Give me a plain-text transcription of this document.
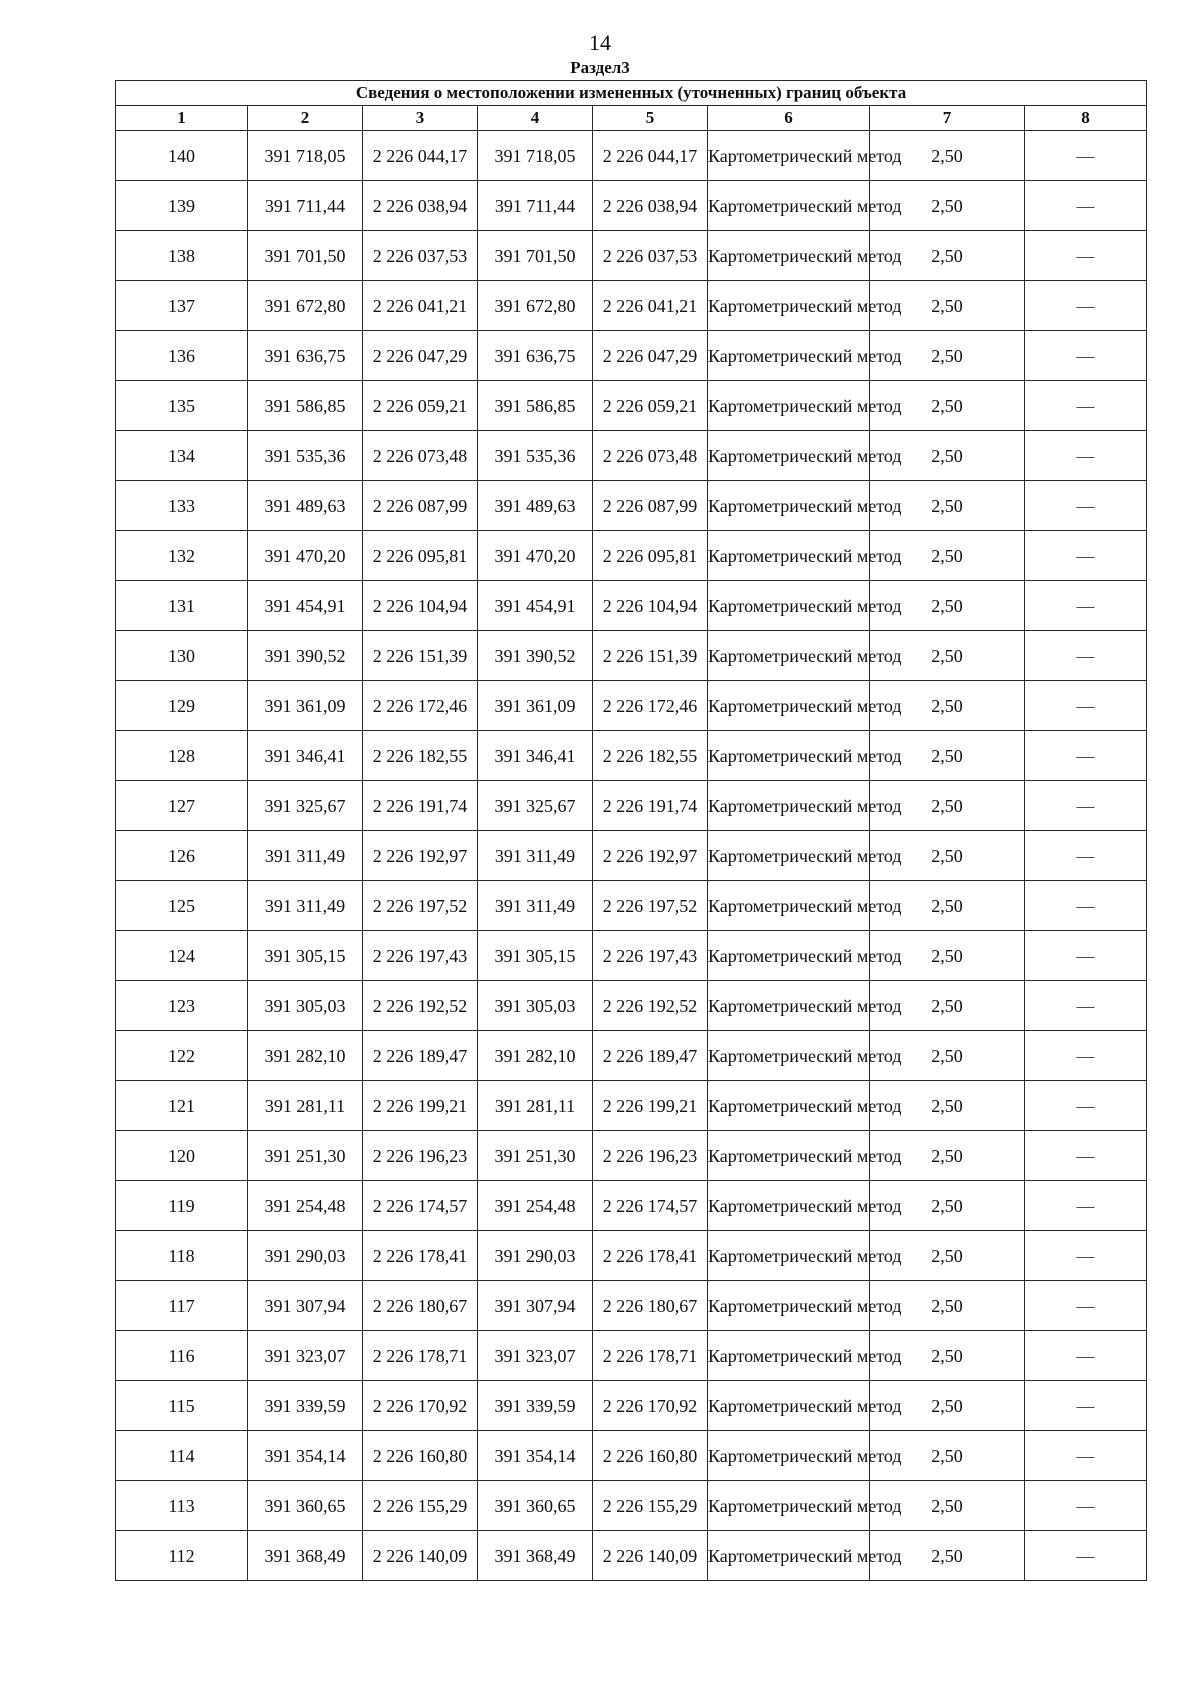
14
Раздел3
Сведения о местоположении измененных (уточненных) границ объекта							
1	2	3	4	5	6	7	8
140	391 718,05	2 226 044,17	391 718,05	2 226 044,17	Картометрический метод	2,50	—
139	391 711,44	2 226 038,94	391 711,44	2 226 038,94	Картометрический метод	2,50	—
138	391 701,50	2 226 037,53	391 701,50	2 226 037,53	Картометрический метод	2,50	—
137	391 672,80	2 226 041,21	391 672,80	2 226 041,21	Картометрический метод	2,50	—
136	391 636,75	2 226 047,29	391 636,75	2 226 047,29	Картометрический метод	2,50	—
135	391 586,85	2 226 059,21	391 586,85	2 226 059,21	Картометрический метод	2,50	—
134	391 535,36	2 226 073,48	391 535,36	2 226 073,48	Картометрический метод	2,50	—
133	391 489,63	2 226 087,99	391 489,63	2 226 087,99	Картометрический метод	2,50	—
132	391 470,20	2 226 095,81	391 470,20	2 226 095,81	Картометрический метод	2,50	—
131	391 454,91	2 226 104,94	391 454,91	2 226 104,94	Картометрический метод	2,50	—
130	391 390,52	2 226 151,39	391 390,52	2 226 151,39	Картометрический метод	2,50	—
129	391 361,09	2 226 172,46	391 361,09	2 226 172,46	Картометрический метод	2,50	—
128	391 346,41	2 226 182,55	391 346,41	2 226 182,55	Картометрический метод	2,50	—
127	391 325,67	2 226 191,74	391 325,67	2 226 191,74	Картометрический метод	2,50	—
126	391 311,49	2 226 192,97	391 311,49	2 226 192,97	Картометрический метод	2,50	—
125	391 311,49	2 226 197,52	391 311,49	2 226 197,52	Картометрический метод	2,50	—
124	391 305,15	2 226 197,43	391 305,15	2 226 197,43	Картометрический метод	2,50	—
123	391 305,03	2 226 192,52	391 305,03	2 226 192,52	Картометрический метод	2,50	—
122	391 282,10	2 226 189,47	391 282,10	2 226 189,47	Картометрический метод	2,50	—
121	391 281,11	2 226 199,21	391 281,11	2 226 199,21	Картометрический метод	2,50	—
120	391 251,30	2 226 196,23	391 251,30	2 226 196,23	Картометрический метод	2,50	—
119	391 254,48	2 226 174,57	391 254,48	2 226 174,57	Картометрический метод	2,50	—
118	391 290,03	2 226 178,41	391 290,03	2 226 178,41	Картометрический метод	2,50	—
117	391 307,94	2 226 180,67	391 307,94	2 226 180,67	Картометрический метод	2,50	—
116	391 323,07	2 226 178,71	391 323,07	2 226 178,71	Картометрический метод	2,50	—
115	391 339,59	2 226 170,92	391 339,59	2 226 170,92	Картометрический метод	2,50	—
114	391 354,14	2 226 160,80	391 354,14	2 226 160,80	Картометрический метод	2,50	—
113	391 360,65	2 226 155,29	391 360,65	2 226 155,29	Картометрический метод	2,50	—
112	391 368,49	2 226 140,09	391 368,49	2 226 140,09	Картометрический метод	2,50	—
